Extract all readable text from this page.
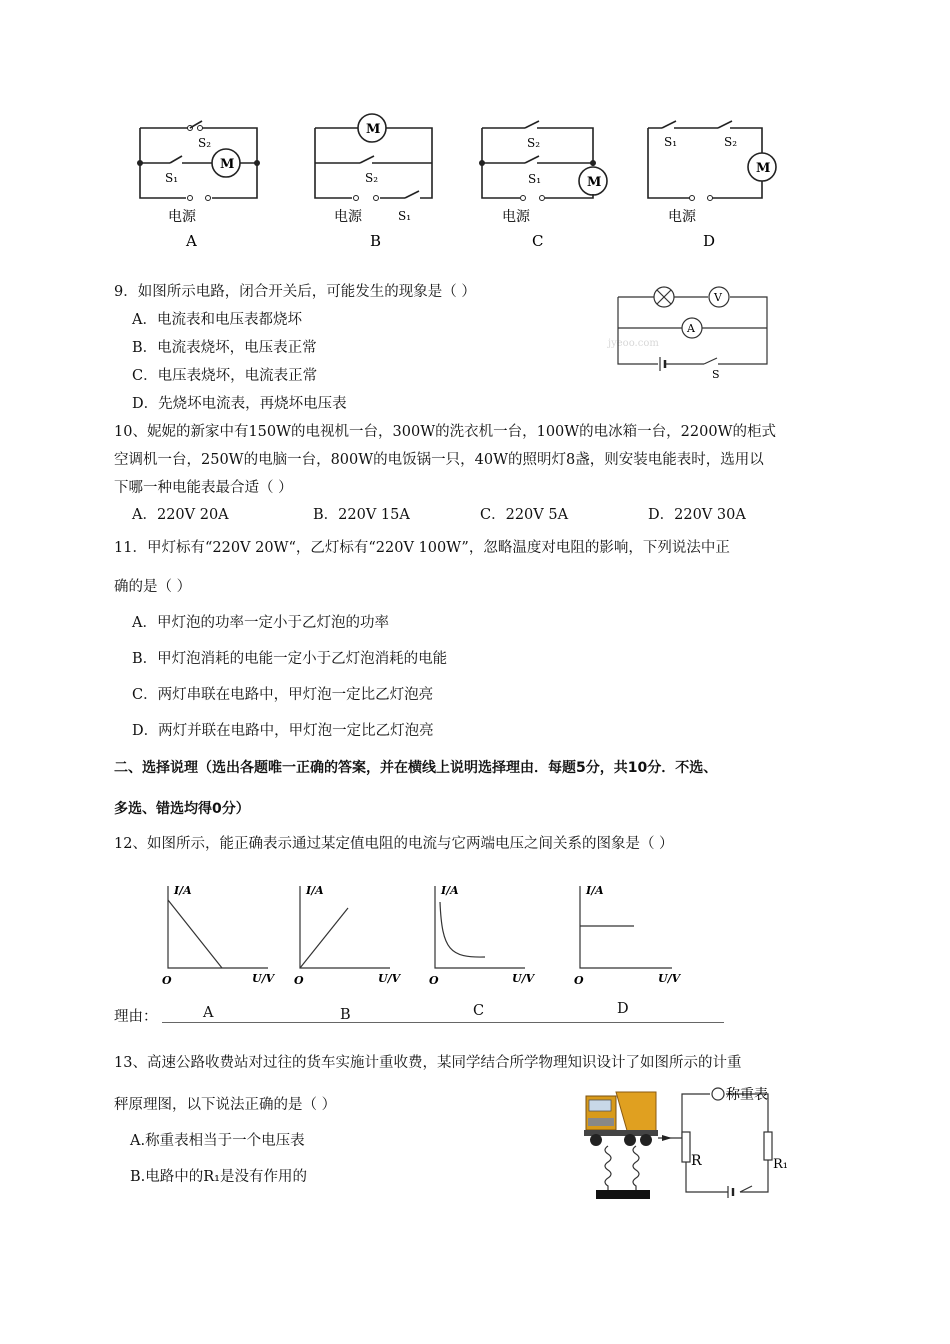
M
S₂
S₁
电源
A
M
S₂
电源	S₁
B
M
S₂
S₁
电源
C
M
S₁	S₂
电源
D
9．如图所示电路，闭合开关后，可能发生的现象是（ ）
A．电流表和电压表都烧坏
B．电流表烧坏，电压表正常
C．电压表烧坏，电流表正常
D．先烧坏电流表，再烧坏电压表
jyeoo.com
V
A
S
10、妮妮的新家中有150W的电视机一台，300W的洗衣机一台，100W的电冰箱一台，2200W的柜式
空调机一台，250W的电脑一台，800W的电饭锅一只，40W的照明灯8盏，则安装电能表时，选用以
下哪一种电能表最合适（ ）
A．220V 20A	B．220V 15A	C．220V 5A	D．220V 30A
11．甲灯标有“220V 20W“，乙灯标有“220V 100W”，忽略温度对电阻的影响，下列说法中正
确的是（ ）
A．甲灯泡的功率一定小于乙灯泡的功率
B．甲灯泡消耗的电能一定小于乙灯泡消耗的电能
C．两灯串联在电路中，甲灯泡一定比乙灯泡亮
D．两灯并联在电路中，甲灯泡一定比乙灯泡亮
二、选择说理（选出各题唯一正确的答案，并在横线上说明选择理由．每题5分，共10分．不选、
多选、错选均得0分）
12、如图所示，能正确表示通过某定值电阻的电流与它两端电压之间关系的图象是（ ）
I/A
U/V
O
I/A
U/V
O
I/A
U/V
O
I/A
U/V
O
理由：	A	B	C	D
13、高速公路收费站对过往的货车实施计重收费，某同学结合所学物理知识设计了如图所示的计重
秤原理图，以下说法正确的是（ ）
A.称重表相当于一个电压表
B.电路中的R₁是没有作用的
称重表
R	R₁
